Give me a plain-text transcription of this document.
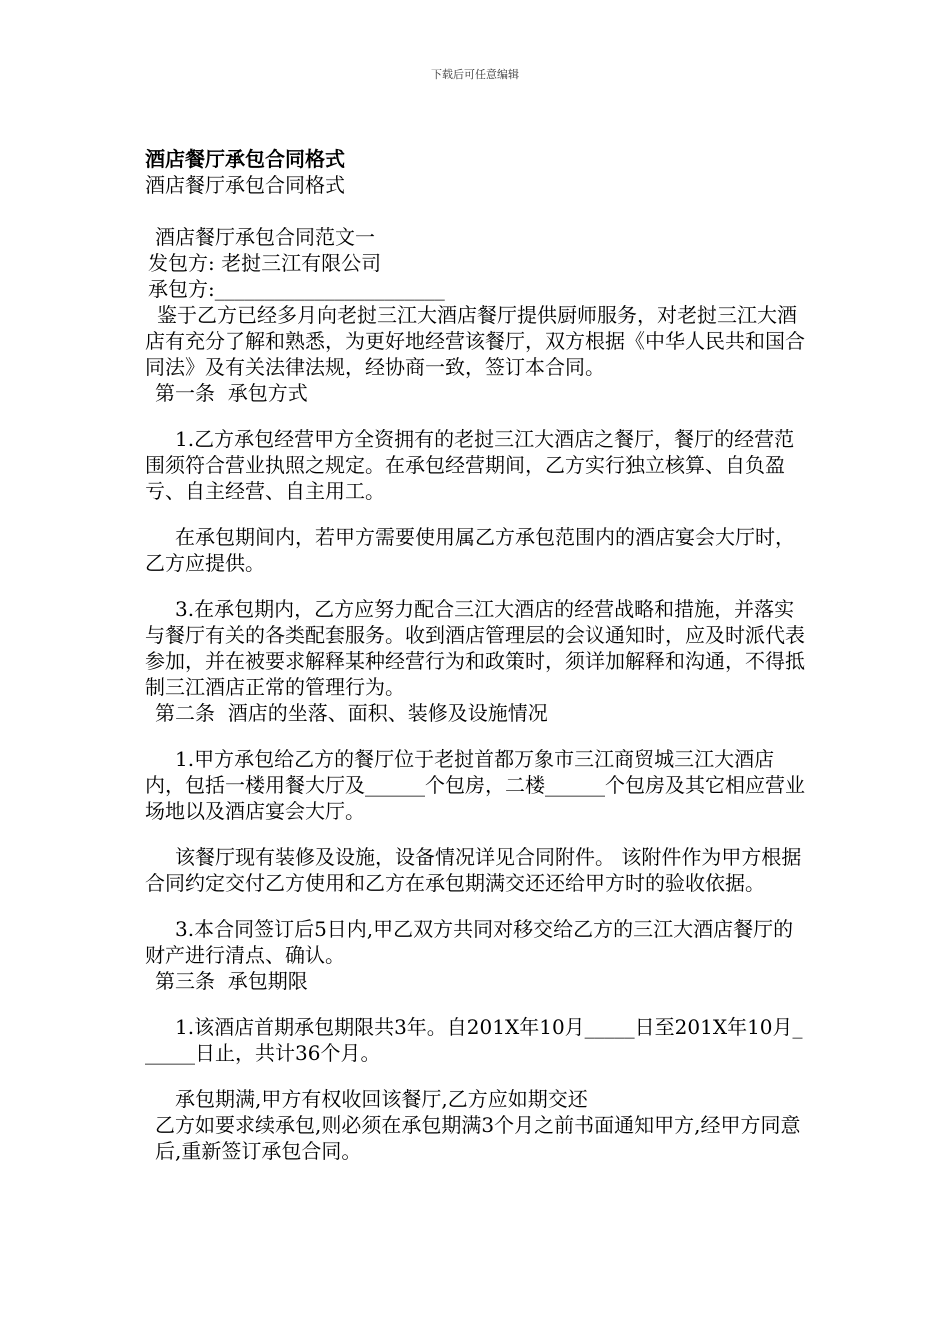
下载后可任意编辑

酒店餐厅承包合同格式

酒店餐厅承包合同格式

酒店餐厅承包合同范文一

发包方: 老挝三江有限公司

承包方:_______________________

鉴于乙方已经多月向老挝三江大酒店餐厅提供厨师服务，对老挝三江大酒店有充分了解和熟悉，为更好地经营该餐厅，双方根据《中华人民共和国合同法》及有关法律法规，经协商一致，签订本合同。

第一条  承包方式

1.乙方承包经营甲方全资拥有的老挝三江大酒店之餐厅，餐厅的经营范围须符合营业执照之规定。在承包经营期间，乙方实行独立核算、自负盈亏、自主经营、自主用工。

在承包期间内，若甲方需要使用属乙方承包范围内的酒店宴会大厅时，乙方应提供。

3.在承包期内，乙方应努力配合三江大酒店的经营战略和措施，并落实与餐厅有关的各类配套服务。收到酒店管理层的会议通知时，应及时派代表参加，并在被要求解释某种经营行为和政策时，须详加解释和沟通，不得抵制三江酒店正常的管理行为。

第二条  酒店的坐落、面积、装修及设施情况

1.甲方承包给乙方的餐厅位于老挝首都万象市三江商贸城三江大酒店内，包括一楼用餐大厅及______个包房，二楼______个包房及其它相应营业场地以及酒店宴会大厅。

该餐厅现有装修及设施，设备情况详见合同附件。 该附件作为甲方根据合同约定交付乙方使用和乙方在承包期满交还还给甲方时的验收依据。

3.本合同签订后5日内,甲乙双方共同对移交给乙方的三江大酒店餐厅的财产进行清点、确认。

第三条  承包期限

1.该酒店首期承包期限共3年。自201X年10月_____日至201X年10月______日止，共计36个月。

承包期满,甲方有权收回该餐厅,乙方应如期交还

乙方如要求续承包,则必须在承包期满3个月之前书面通知甲方,经甲方同意后,重新签订承包合同。
